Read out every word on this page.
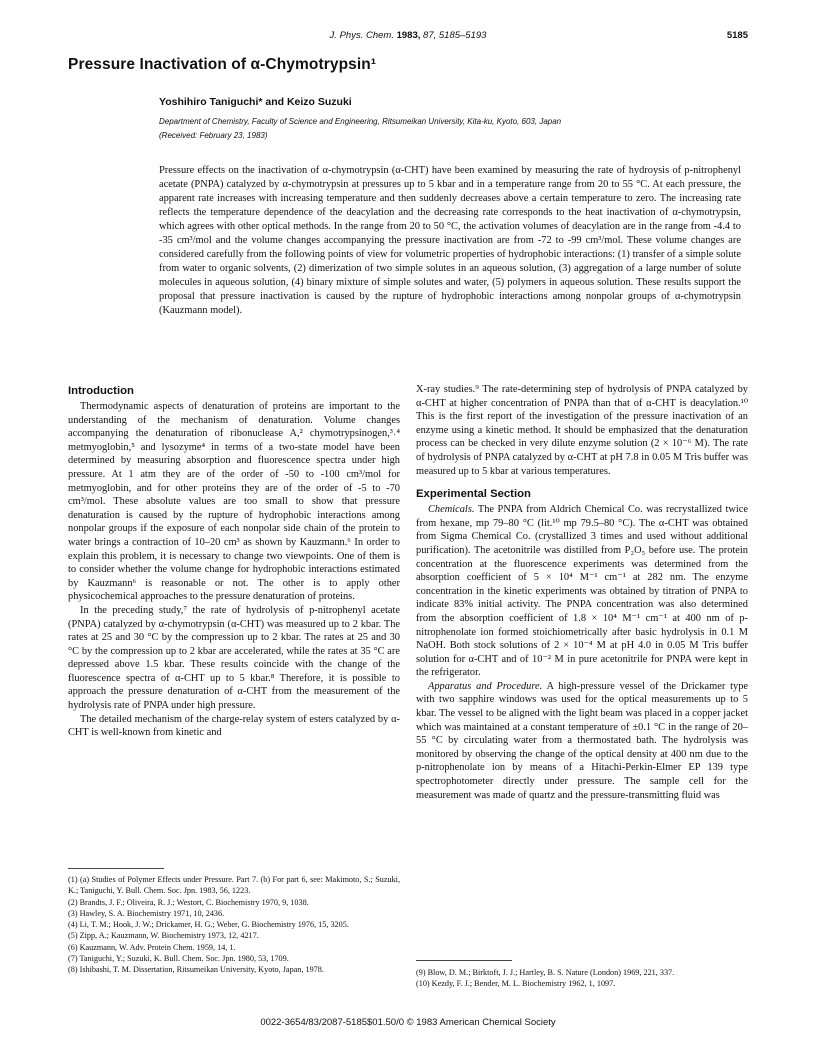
J. Phys. Chem. 1983, 87, 5185–5193	5185
Pressure Inactivation of α-Chymotrypsin¹
Yoshihiro Taniguchi* and Keizo Suzuki
Department of Chemistry, Faculty of Science and Engineering, Ritsumeikan University, Kita-ku, Kyoto, 603, Japan
(Received: February 23, 1983)

Pressure effects on the inactivation of α-chymotrypsin (α-CHT) have been examined by measuring the rate of hydroysis of p-nitrophenyl acetate (PNPA) catalyzed by α-chymotrypsin at pressures up to 5 kbar and in a temperature range from 20 to 55 °C. At each pressure, the apparent rate increases with increasing temperature and then suddenly decreases above a certain temperature to zero. The increasing rate reflects the temperature dependence of the deacylation and the decreasing rate corresponds to the heat inactivation of α-chymotrypsin, which agrees with other optical methods. In the range from 20 to 50 °C, the activation volumes of deacylation are in the range from -4.4 to -35 cm³/mol and the volume changes accompanying the pressure inactivation are from -72 to -99 cm³/mol. These volume changes are considered carefully from the following points of view for volumetric properties of hydrophobic interactions: (1) transfer of a simple solute from water to organic solvents, (2) dimerization of two simple solutes in an aqueous solution, (3) aggregation of a large number of solute molecules in aqueous solution, (4) binary mixture of simple solutes and water, (5) polymers in aqueous solution. These results support the proposal that pressure inactivation is caused by the rupture of hydrophobic interactions among nonpolar groups of α-chymotrypsin (Kauzmann model).

Introduction

Thermodynamic aspects of denaturation of proteins are important to the understanding of the mechanism of denaturation. Volume changes accompanying the denaturation of ribonuclease A,² chymotrypsinogen,³˒⁴ metmyoglobin,⁵ and lysozyme⁴ in terms of a two-state model have been determined by measuring absorption and fluorescence spectra under high pressure. At 1 atm they are of the order of -50 to -100 cm³/mol for metmyoglobin, and for other proteins they are of the order of -5 to -70 cm³/mol. These absolute values are too small to show that pressure denaturation is caused by the rupture of hydrophobic interactions among nonpolar groups if the exposure of each nonpolar side chain of the protein to water brings a contraction of 10–20 cm³ as shown by Kauzmann.⁶ In order to explain this problem, it is necessary to change two viewpoints. One of them is to consider whether the volume change for hydrophobic interactions estimated by Kauzmann⁶ is reasonable or not. The other is to apply other physicochemical approaches to the pressure denaturation of proteins.

In the preceding study,⁷ the rate of hydrolysis of p-nitrophenyl acetate (PNPA) catalyzed by α-chymotrypsin (α-CHT) was measured up to 2 kbar. The rates at 25 and 30 °C by the compression up to 2 kbar. The rates at 25 and 30 °C by the compression up to 2 kbar are accelerated, while the rates at 35 °C are depressed above 1.5 kbar. These results coincide with the change of the fluorescence spectra of α-CHT up to 5 kbar.⁸ Therefore, it is possible to approach the pressure denaturation of α-CHT from the measurement of the hydrolysis rate of PNPA under high pressure.

The detailed mechanism of the charge-relay system of esters catalyzed by α-CHT is well-known from kinetic and

X-ray studies.⁹ The rate-determining step of hydrolysis of PNPA catalyzed by α-CHT at higher concentration of PNPA than that of α-CHT is deacylation.¹⁰ This is the first report of the investigation of the pressure inactivation of an enzyme using a kinetic method. It should be emphasized that the denaturation process can be checked in very dilute enzyme solution (2 × 10⁻⁶ M). The rate of hydrolysis of PNPA catalyzed by α-CHT at pH 7.8 in 0.05 M Tris buffer was measured up to 5 kbar at various temperatures.

Experimental Section

Chemicals. The PNPA from Aldrich Chemical Co. was recrystallized twice from hexane, mp 79–80 °C (lit.¹⁰ mp 79.5–80 °C). The α-CHT was obtained from Sigma Chemical Co. (crystallized 3 times and used without additional purification). The acetonitrile was distilled from P₂O₅ before use. The protein concentration at the fluorescence experiments was determined from the absorption coefficient of 5 × 10⁴ M⁻¹ cm⁻¹ at 282 nm. The enzyme concentration in the kinetic experiments was obtained by titration of PNPA to indicate 83% initial activity. The PNPA concentration was also determined from the absorption coefficient of 1.8 × 10⁴ M⁻¹ cm⁻¹ at 400 nm of p-nitrophenolate ion formed stoichiometrically after basic hydrolysis in 0.1 M NaOH. Both stock solutions of 2 × 10⁻⁴ M at pH 4.0 in 0.05 M Tris buffer solution for α-CHT and of 10⁻² M in pure acetonitrile for PNPA were kept in the refrigerator.

Apparatus and Procedure. A high-pressure vessel of the Drickamer type with two sapphire windows was used for the optical measurements up to 5 kbar. The vessel to be aligned with the light beam was placed in a copper jacket which was maintained at a constant temperature of ±0.1 °C in the range of 20–55 °C by circulating water from a thermostated bath. The hydrolysis was monitored by observing the change of the optical density at 400 nm due to the p-nitrophenolate ion by means of a Hitachi-Perkin-Elmer EP 139 type spectrophotometer directly under pressure. The sample cell for the measurement was made of quartz and the pressure-transmitting fluid was

(1) (a) Studies of Polymer Effects under Pressure. Part 7. (b) For part 6, see: Makimoto, S.; Suzuki, K.; Taniguchi, Y. Bull. Chem. Soc. Jpn. 1983, 56, 1223.
(2) Brandts, J. F.; Oliveira, R. J.; Westort, C. Biochemistry 1970, 9, 1038.
(3) Hawley, S. A. Biochemistry 1971, 10, 2436.
(4) Li, T. M.; Hook, J. W.; Drickamer, H. G.; Weber, G. Biochemistry 1976, 15, 3205.
(5) Zipp, A.; Kauzmann, W. Biochemistry 1973, 12, 4217.
(6) Kauzmann, W. Adv. Protein Chem. 1959, 14, 1.
(7) Taniguchi, Y.; Suzuki, K. Bull. Chem. Soc. Jpn. 1980, 53, 1709.
(8) Ishibashi, T. M. Dissertation, Ritsumeikan University, Kyoto, Japan, 1978.	(9) Blow, D. M.; Birktoft, J. J.; Hartley, B. S. Nature (London) 1969, 221, 337.
(10) Kezdy, F. J.; Bender, M. L. Biochemistry 1962, 1, 1097.
0022-3654/83/2087-5185$01.50/0 © 1983 American Chemical Society
